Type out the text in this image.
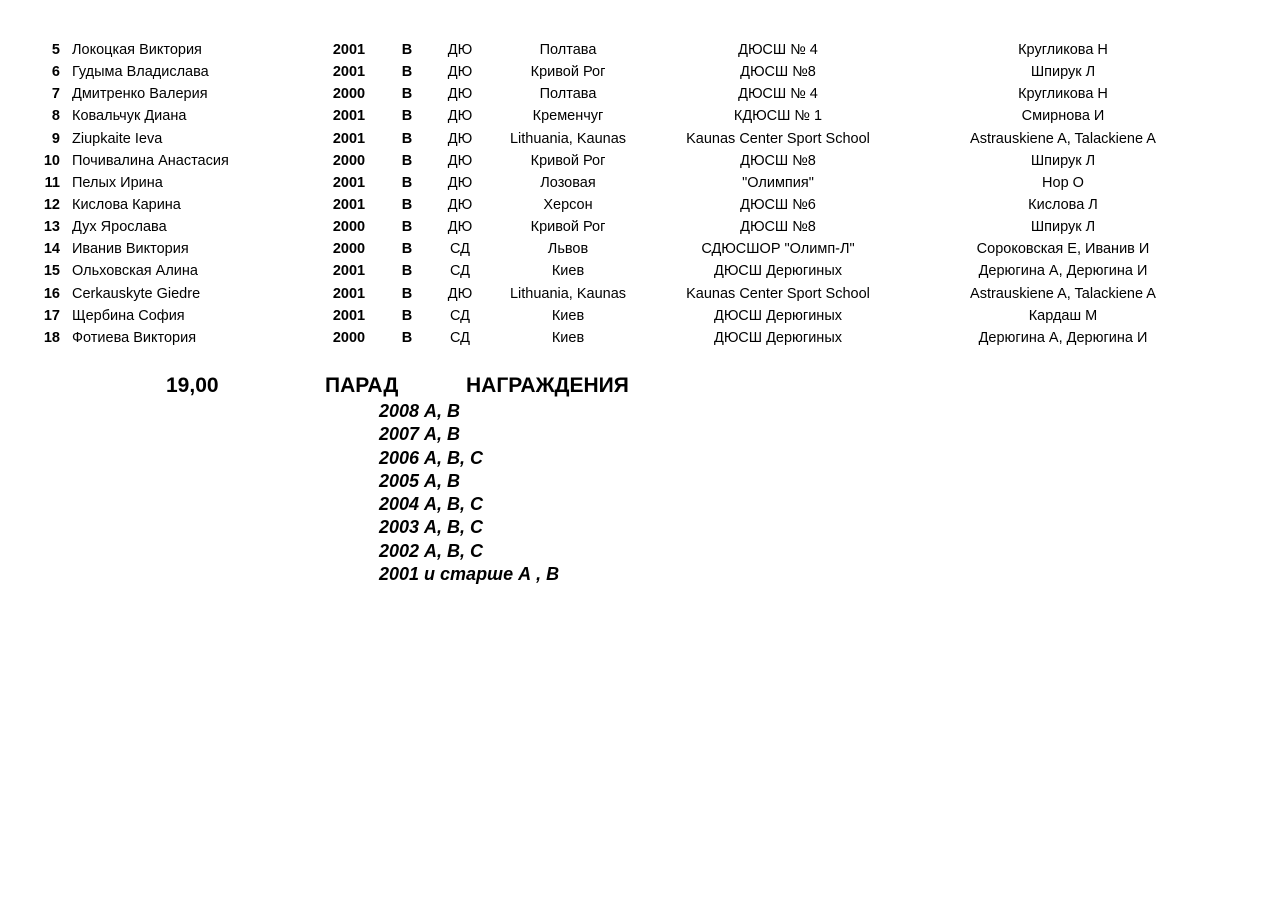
5 Локоцкая Виктория	2001	В	ДЮ	Полтава	ДЮСШ № 4	Кругликова Н
6 Гудыма Владислава	2001	В	ДЮ	Кривой Рог	ДЮСШ №8	Шпирук Л
7 Дмитренко Валерия	2000	В	ДЮ	Полтава	ДЮСШ № 4	Кругликова Н
8 Ковальчук Диана	2001	В	ДЮ	Кременчуг	КДЮСШ № 1	Смирнова И
9 Ziupkaite Ieva	2001	В	ДЮ	Lithuania, Kaunas	Kaunas Center Sport School	Astrauskiene A, Talackiene A
10 Почивалина Анастасия	2000	В	ДЮ	Кривой Рог	ДЮСШ №8	Шпирук Л
11 Пелых Ирина	2001	В	ДЮ	Лозовая	"Олимпия"	Нор О
12 Кислова Карина	2001	В	ДЮ	Херсон	ДЮСШ №6	Кислова Л
13 Дух Ярослава	2000	В	ДЮ	Кривой Рог	ДЮСШ №8	Шпирук Л
14 Иванив Виктория	2000	В	СД	Львов	СДЮСШОР "Олимп-Л"	Сороковская Е, Иванив И
15 Ольховская Алина	2001	В	СД	Киев	ДЮСШ Дерюгиных	Дерюгина А, Дерюгина И
16 Cerkauskyte Giedre	2001	В	ДЮ	Lithuania, Kaunas	Kaunas Center Sport School	Astrauskiene A, Talackiene A
17 Щербина София	2001	В	СД	Киев	ДЮСШ Дерюгиных	Кардаш М
18 Фотиева Виктория	2000	В	СД	Киев	ДЮСШ Дерюгиных	Дерюгина А, Дерюгина И
19,00	ПАРАД	НАГРАЖДЕНИЯ
2008 А, В
2007 А, В
2006 А, В, С
2005 А, В
2004 А, В, С
2003 А, В, С
2002 А, В, С
2001 и старше А , В
